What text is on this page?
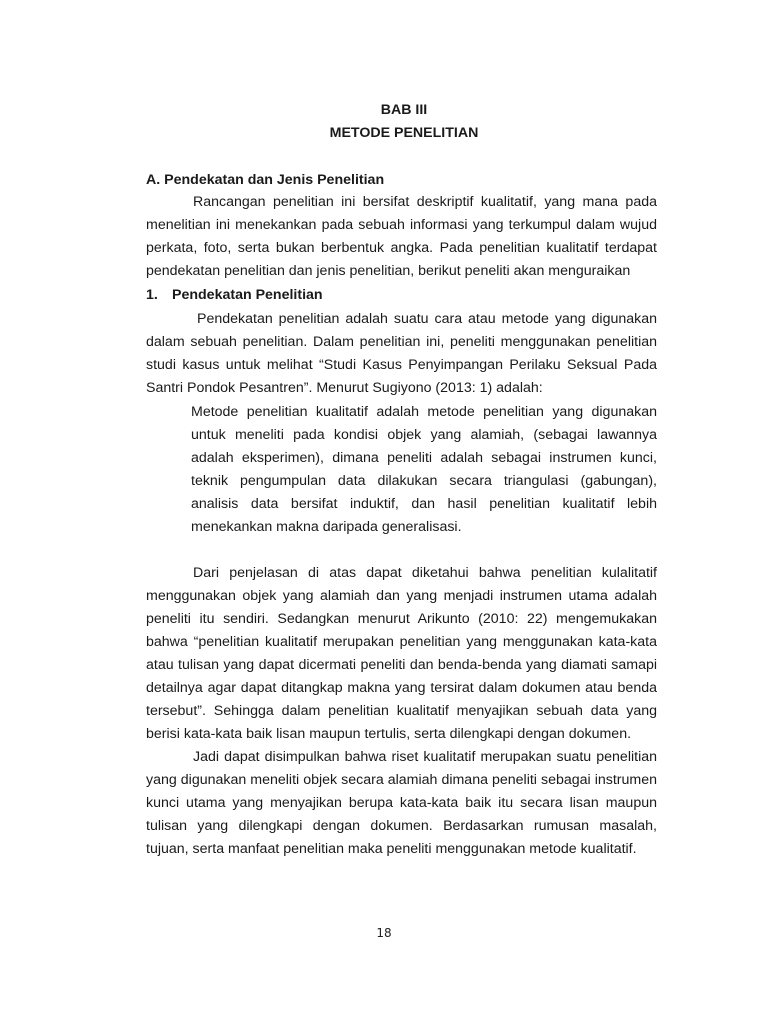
BAB III
METODE PENELITIAN
A. Pendekatan dan Jenis Penelitian
Rancangan penelitian ini bersifat deskriptif kualitatif, yang mana pada
menelitian ini menekankan pada sebuah informasi yang terkumpul dalam wujud
perkata, foto, serta bukan berbentuk angka. Pada penelitian kualitatif terdapat
pendekatan penelitian dan jenis penelitian, berikut peneliti akan menguraikan
1. Pendekatan Penelitian
Pendekatan penelitian adalah suatu cara atau metode yang digunakan
dalam sebuah penelitian. Dalam penelitian ini, peneliti menggunakan penelitian
studi kasus untuk melihat “Studi Kasus Penyimpangan Perilaku Seksual Pada
Santri Pondok Pesantren”. Menurut Sugiyono (2013: 1) adalah:
Metode penelitian kualitatif adalah metode penelitian yang digunakan
untuk meneliti pada kondisi objek yang alamiah, (sebagai lawannya
adalah eksperimen), dimana peneliti adalah sebagai instrumen kunci,
teknik pengumpulan data dilakukan secara triangulasi (gabungan),
analisis data bersifat induktif, dan hasil penelitian kualitatif lebih
menekankan makna daripada generalisasi.
Dari penjelasan di atas dapat diketahui bahwa penelitian kulalitatif
menggunakan objek yang alamiah dan yang menjadi instrumen utama adalah
peneliti itu sendiri. Sedangkan menurut Arikunto (2010: 22) mengemukakan
bahwa “penelitian kualitatif merupakan penelitian yang menggunakan kata-kata
atau tulisan yang dapat dicermati peneliti dan benda-benda yang diamati samapi
detailnya agar dapat ditangkap makna yang tersirat dalam dokumen atau benda
tersebut”. Sehingga dalam penelitian kualitatif menyajikan sebuah data yang
berisi kata-kata baik lisan maupun tertulis, serta dilengkapi dengan dokumen.
Jadi dapat disimpulkan bahwa riset kualitatif merupakan suatu penelitian
yang digunakan meneliti objek secara alamiah dimana peneliti sebagai instrumen
kunci utama yang menyajikan berupa kata-kata baik itu secara lisan maupun
tulisan yang dilengkapi dengan dokumen. Berdasarkan rumusan masalah,
tujuan, serta manfaat penelitian maka peneliti menggunakan metode kualitatif.
18
